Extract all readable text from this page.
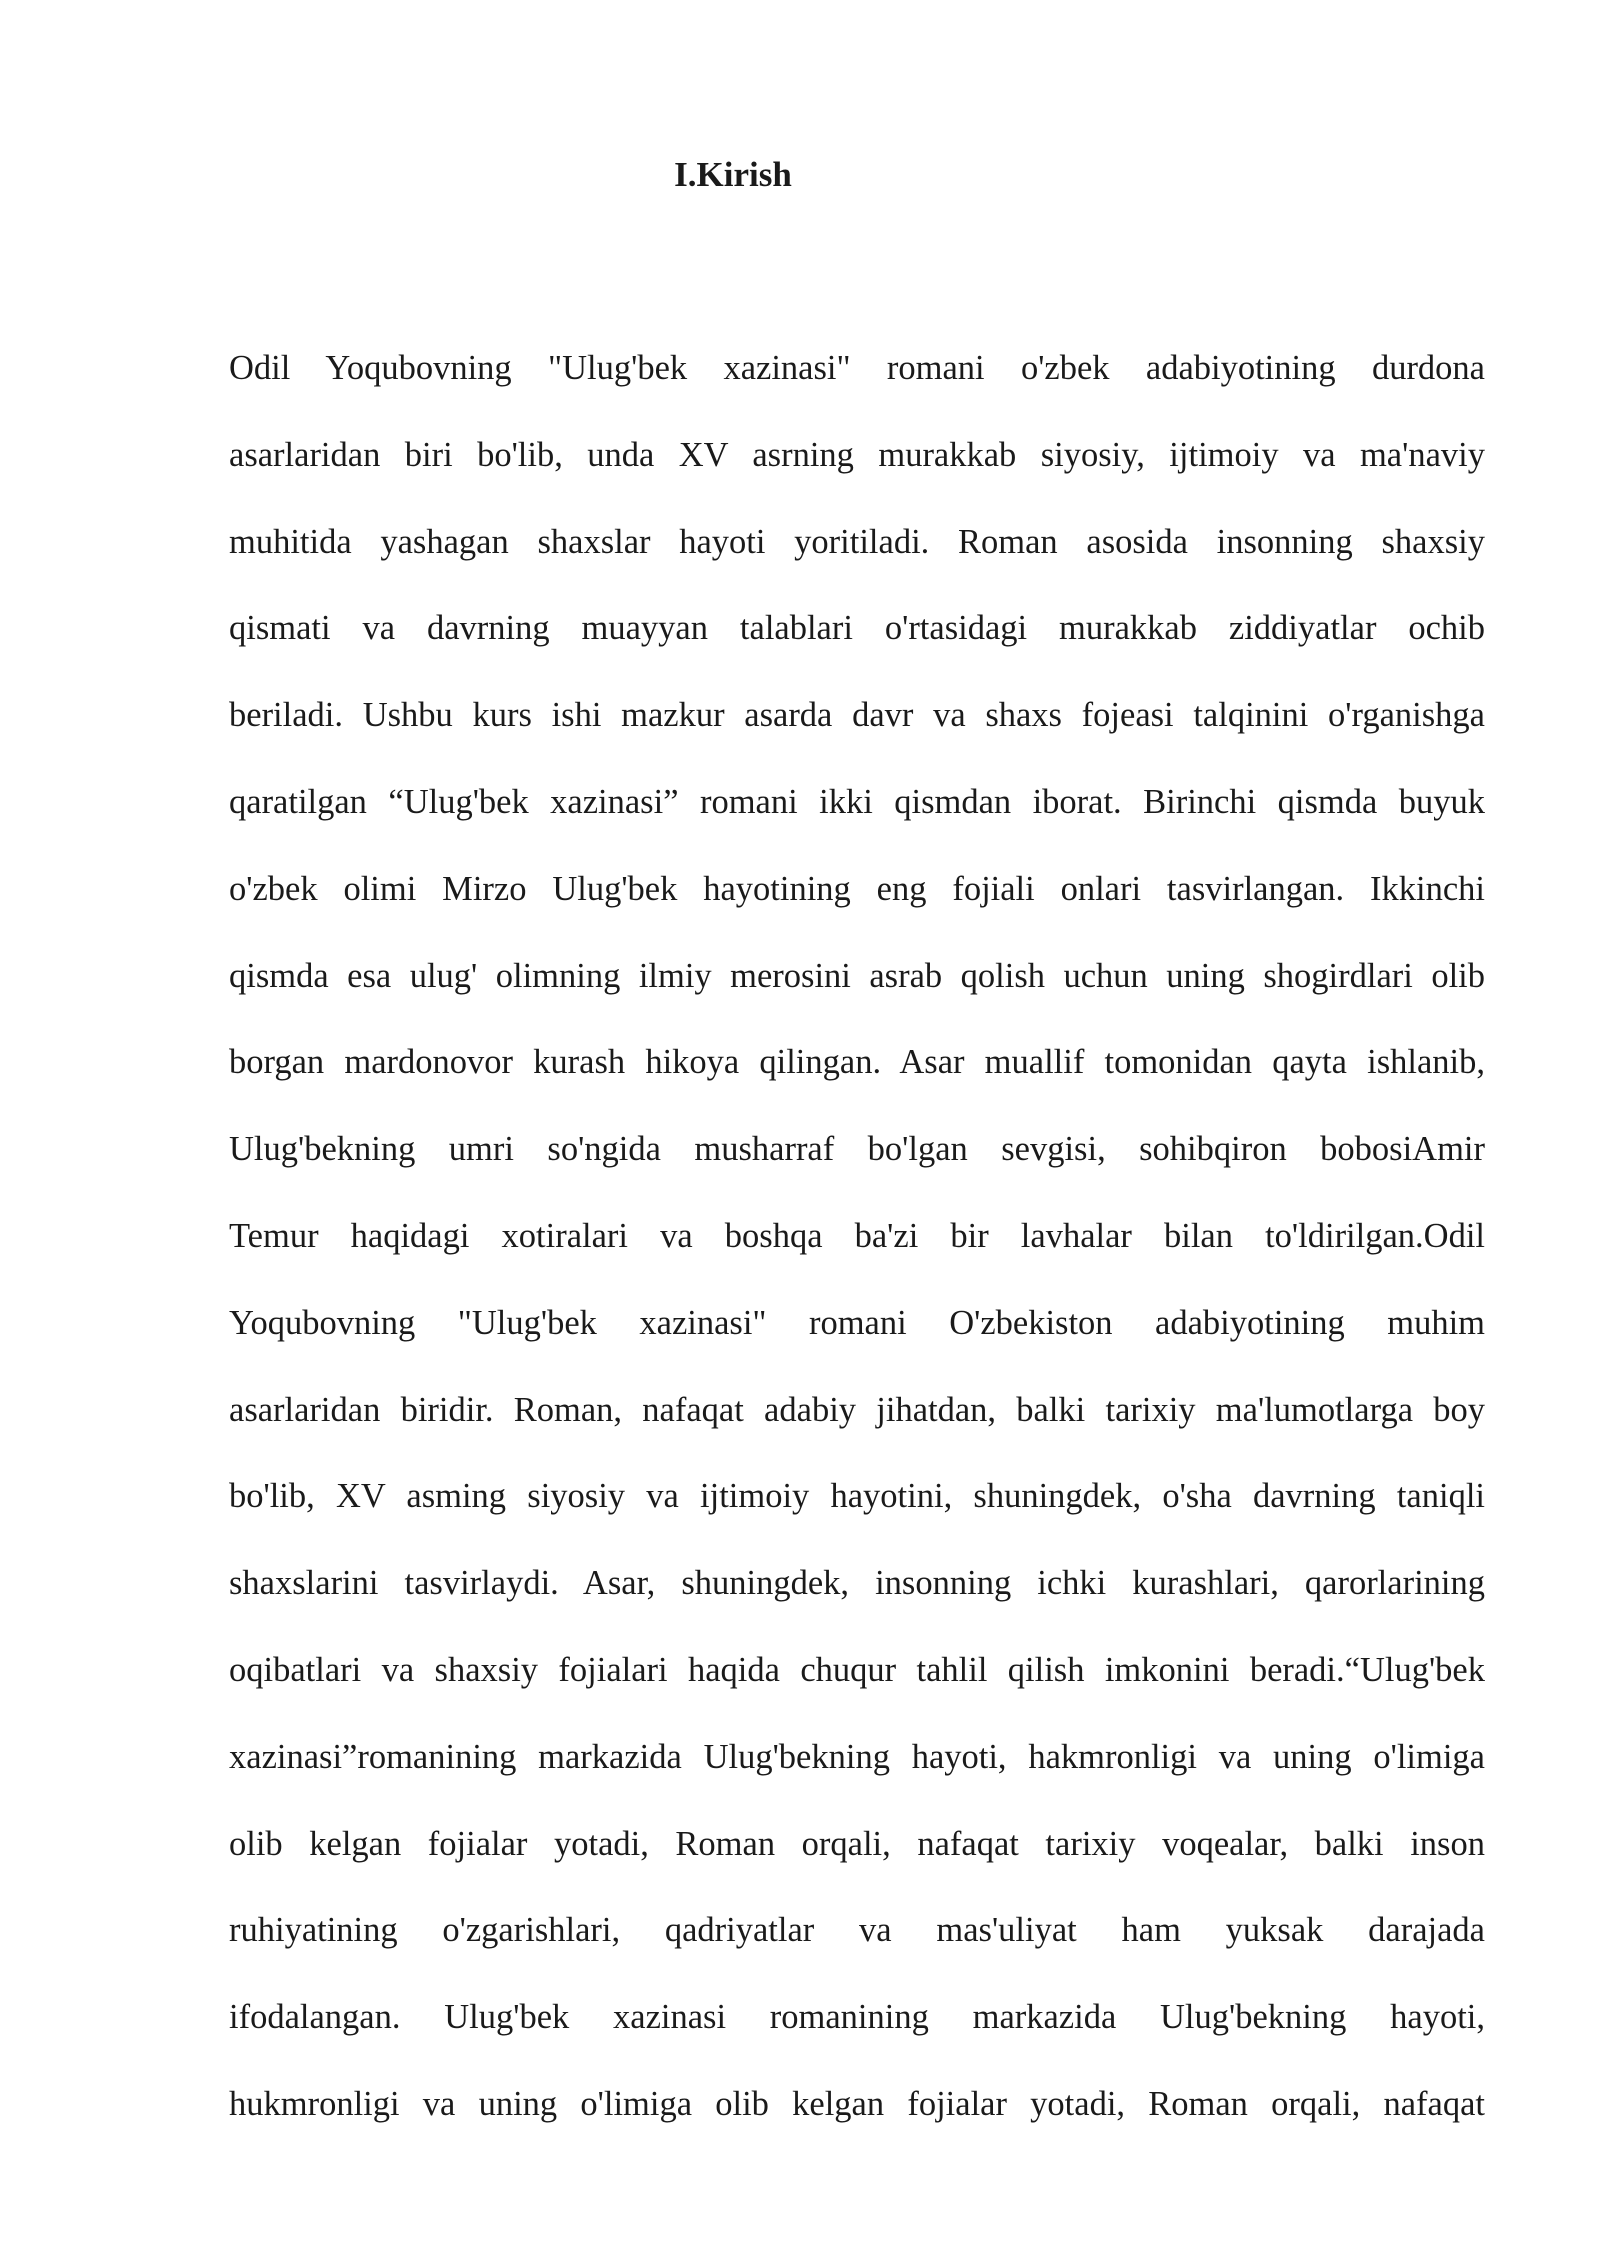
I.Kirish
Odil Yoqubovning "Ulug'bek xazinasi" romani o'zbek adabiyotining durdona
asarlaridan biri bo'lib, unda XV asrning murakkab siyosiy, ijtimoiy va ma'naviy
muhitida yashagan shaxslar hayoti yoritiladi. Roman asosida insonning shaxsiy
qismati va davrning muayyan talablari o'rtasidagi murakkab ziddiyatlar ochib
beriladi. Ushbu kurs ishi mazkur asarda davr va shaxs fojeasi talqinini o'rganishga
qaratilgan “Ulug'bek xazinasi” romani ikki qismdan iborat. Birinchi qismda buyuk
o'zbek olimi Mirzo Ulug'bek hayotining eng fojiali onlari tasvirlangan. Ikkinchi
qismda esa ulug' olimning ilmiy merosini asrab qolish uchun uning shogirdlari olib
borgan mardonovor kurash hikoya qilingan. Asar muallif tomonidan qayta ishlanib,
Ulug'bekning umri so'ngida musharraf bo'lgan sevgisi, sohibqiron bobosiAmir
Temur haqidagi xotiralari va boshqa ba'zi bir lavhalar bilan to'ldirilgan.Odil
Yoqubovning "Ulug'bek xazinasi" romani O'zbekiston adabiyotining muhim
asarlaridan biridir. Roman, nafaqat adabiy jihatdan, balki tarixiy ma'lumotlarga boy
bo'lib, XV asming siyosiy va ijtimoiy hayotini, shuningdek, o'sha davrning taniqli
shaxslarini tasvirlaydi. Asar, shuningdek, insonning ichki kurashlari, qarorlarining
oqibatlari va shaxsiy fojialari haqida chuqur tahlil qilish imkonini beradi.“Ulug'bek
xazinasi”romanining markazida Ulug'bekning hayoti, hakmronligi va uning o'limiga
olib kelgan fojialar yotadi, Roman orqali, nafaqat tarixiy voqealar, balki inson
ruhiyatining o'zgarishlari, qadriyatlar va mas'uliyat ham yuksak darajada
ifodalangan. Ulug'bek xazinasi romanining markazida Ulug'bekning hayoti,
hukmronligi va uning o'limiga olib kelgan fojialar yotadi, Roman orqali, nafaqat
